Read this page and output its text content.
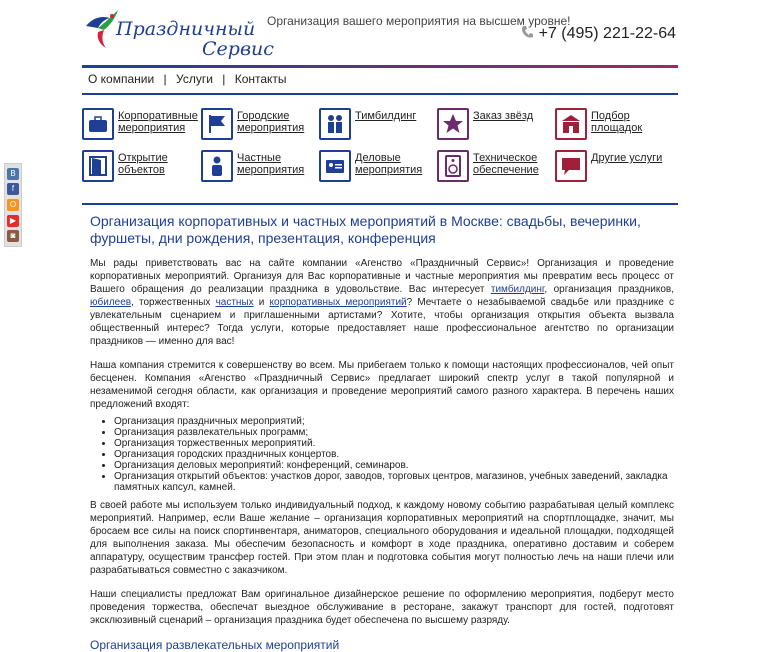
Праздничный
Сервис
Организация вашего мероприятия на высшем уровне!
+7 (495) 221-22-64
О компании | Услуги | Контакты
Корпоративные мероприятия
Городские мероприятия
Тимбилдинг	Заказ звёзд	Подбор площадок
Открытие объектов
Частные мероприятия
Деловые мероприятия
Техническое обеспечение
Другие услуги
В
f
О
▶
◙
Организация корпоративных и частных мероприятий в Москве: свадьбы, вечеринки, фуршеты, дни рождения, презентация, конференция

Мы рады приветствовать вас на сайте компании «Агенство «Праздничный Сервис»! Организация и проведение корпоративных мероприятий. Организуя для Вас корпоративные и частные мероприятия мы превратим весь процесс от Вашего обращения до реализации праздника в удовольствие. Вас интересует тимбилдинг, организация праздников, юбилеев, торжественных частных и корпоративных мероприятий? Мечтаете о незабываемой свадьбе или празднике с увлекательным сценарием и приглашенными артистами? Хотите, чтобы организация открытия объекта вызвала общественный интерес? Тогда услуги, которые предоставляет наше профессиональное агентство по организации праздников — именно для вас!

Наша компания стремится к совершенству во всем. Мы прибегаем только к помощи настоящих профессионалов, чей опыт бесценен. Компания «Агенство «Праздничный Сервис» предлагает широкий спектр услуг в такой популярной и незаменимой сегодня области, как организация и проведение мероприятий самого разного характера. В перечень наших предложений входят:

• Организация праздничных мероприятий;
• Организация развлекательных программ;
• Организация торжественных мероприятий.
• Организация городских праздничных концертов.
• Организация деловых мероприятий: конференций, семинаров.
• Организация открытий объектов: участков дорог, заводов, торговых центров, магазинов, учебных заведений, закладка памятных капсул, камней.

В своей работе мы используем только индивидуальный подход, к каждому новому событию разрабатывая целый комплекс мероприятий. Например, если Ваше желание – организация корпоративных мероприятий на спортплощадке, значит, мы бросаем все силы на поиск спортинвентаря, аниматоров, специального оборудования и идеальной площадки, подходящей для выполнения заказа. Мы обеспечим безопасность и комфорт в ходе праздника, оперативно доставим и соберем аппаратуру, осуществим трансфер гостей. При этом план и подготовка события могут полностью лечь на наши плечи или разрабатываться совместно с заказчиком.

Наши специалисты предложат Вам оригинальное дизайнерское решение по оформлению мероприятия, подберут место проведения торжества, обеспечат выездное обслуживание в ресторане, закажут транспорт для гостей, подготовят эксклюзивный сценарий – организация праздника будет обеспечена по высшему разряду.

Организация развлекательных мероприятий
